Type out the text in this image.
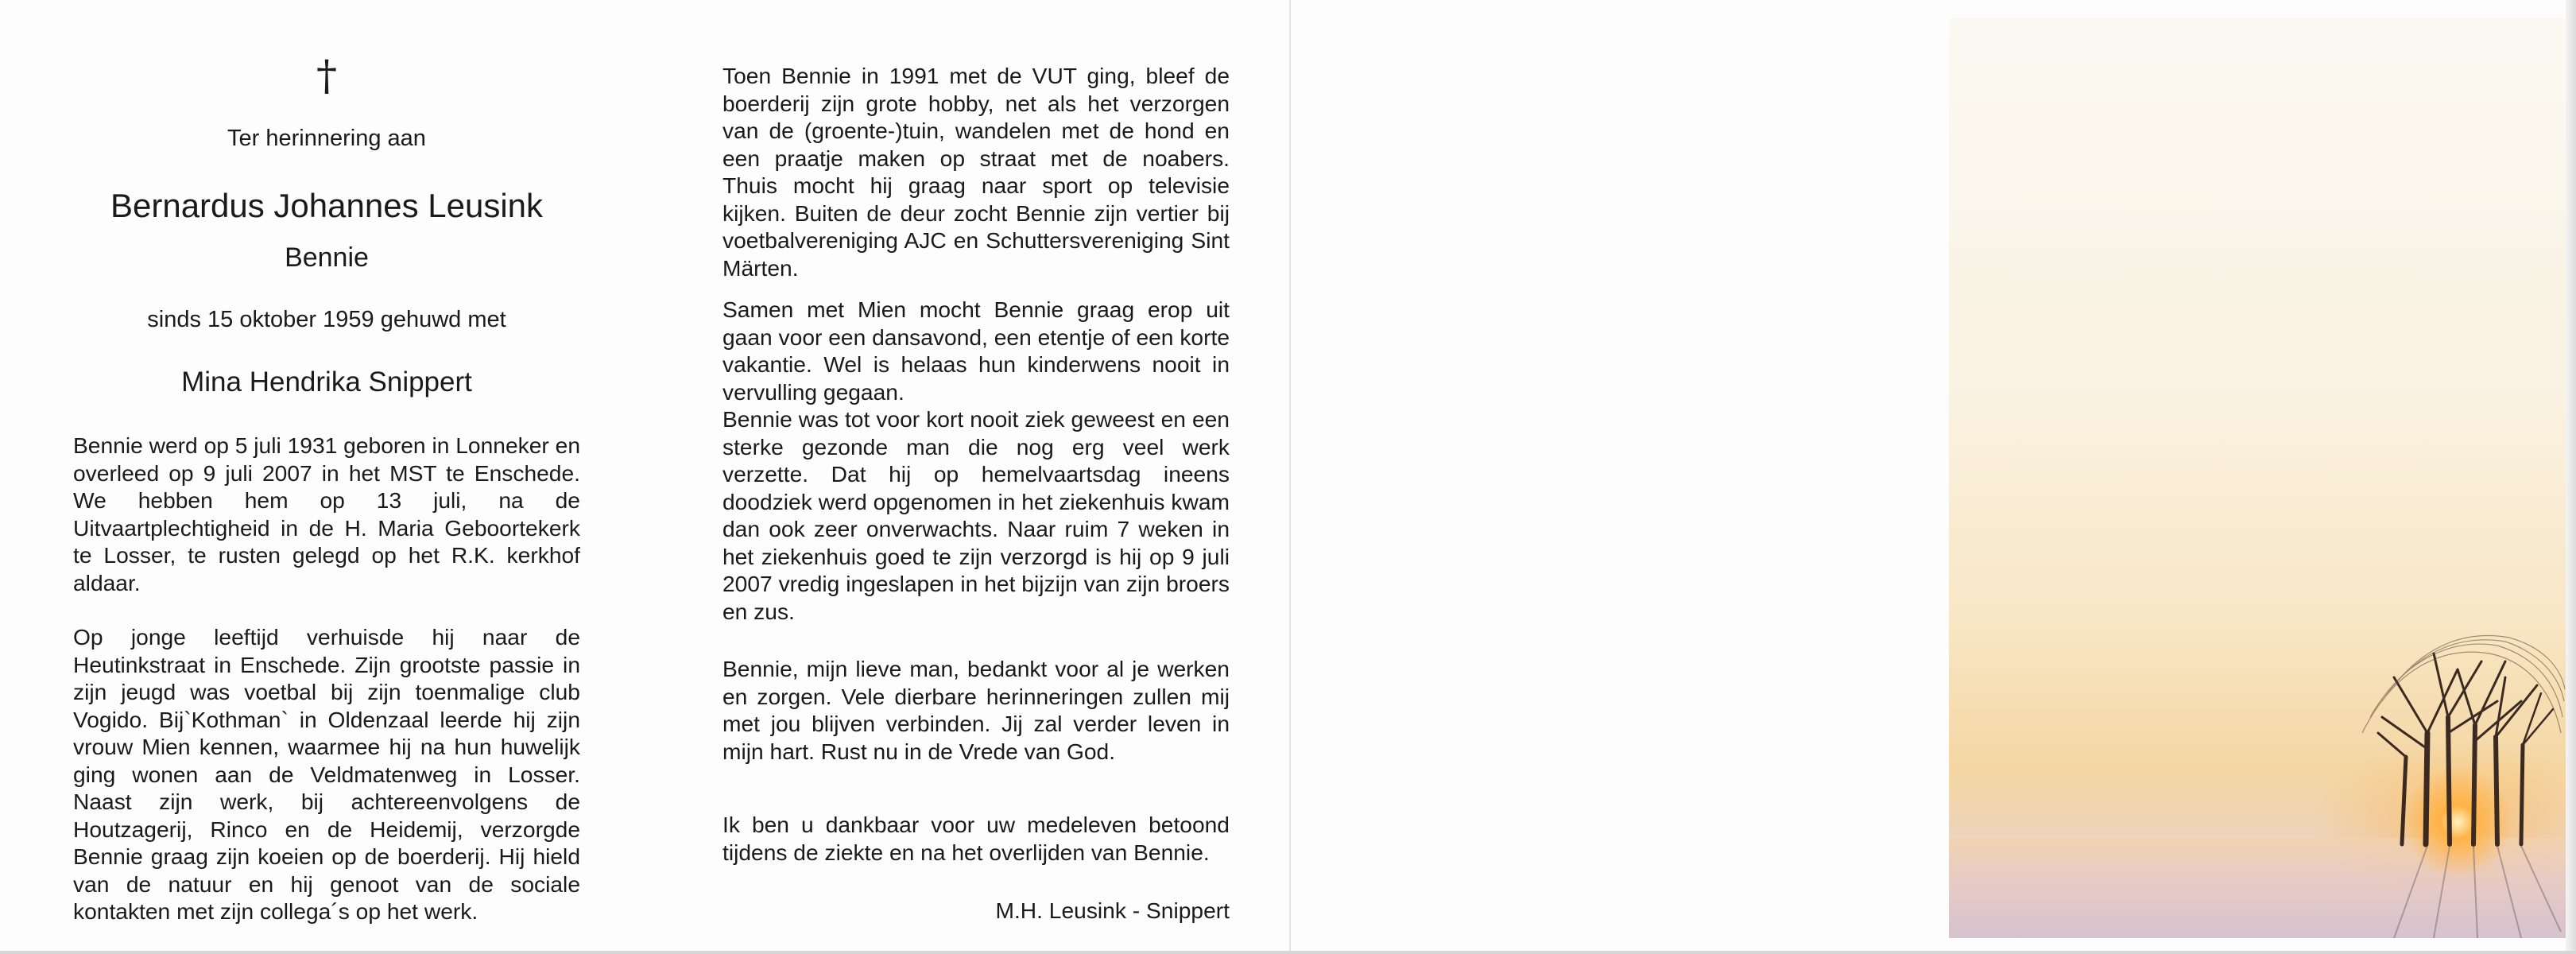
†
Ter herinnering aan
Bernardus Johannes Leusink
Bennie
sinds 15 oktober 1959 gehuwd met
Mina Hendrika Snippert

Bennie werd op 5 juli 1931 geboren in Lonneker en overleed op 9 juli 2007 in het MST te Enschede. We hebben hem op 13 juli, na de Uitvaartplechtigheid in de H. Maria Geboortekerk te Losser, te rusten gelegd op het R.K. kerkhof aldaar.

Op jonge leeftijd verhuisde hij naar de Heutinkstraat in Enschede. Zijn grootste passie in zijn jeugd was voetbal bij zijn toenmalige club Vogido. Bij`Kothman` in Oldenzaal leerde hij zijn vrouw Mien kennen, waarmee hij na hun huwelijk ging wonen aan de Veldmatenweg in Losser. Naast zijn werk, bij achtereenvolgens de Houtzagerij, Rinco en de Heidemij, verzorgde Bennie graag zijn koeien op de boerderij. Hij hield van de natuur en hij genoot van de sociale kontakten met zijn collega´s op het werk.

Toen Bennie in 1991 met de VUT ging, bleef de boerderij zijn grote hobby, net als het verzorgen van de (groente-)tuin, wandelen met de hond en een praatje maken op straat met de noabers. Thuis mocht hij graag naar sport op televisie kijken. Buiten de deur zocht Bennie zijn vertier bij voetbalvereniging AJC en Schuttersvereniging Sint Märten.

Samen met Mien mocht Bennie graag erop uit gaan voor een dansavond, een etentje of een korte vakantie. Wel is helaas hun kinderwens nooit in vervulling gegaan.

Bennie was tot voor kort nooit ziek geweest en een sterke gezonde man die nog erg veel werk verzette. Dat hij op hemelvaartsdag ineens doodziek werd opgenomen in het ziekenhuis kwam dan ook zeer onverwachts. Naar ruim 7 weken in het ziekenhuis goed te zijn verzorgd is hij op 9 juli 2007 vredig ingeslapen in het bijzijn van zijn broers en zus.

Bennie, mijn lieve man, bedankt voor al je werken en zorgen. Vele dierbare herinneringen zullen mij met jou blijven verbinden. Jij zal verder leven in mijn hart. Rust nu in de Vrede van God.

Ik ben u dankbaar voor uw medeleven betoond tijdens de ziekte en na het overlijden van Bennie.

M.H. Leusink - Snippert
